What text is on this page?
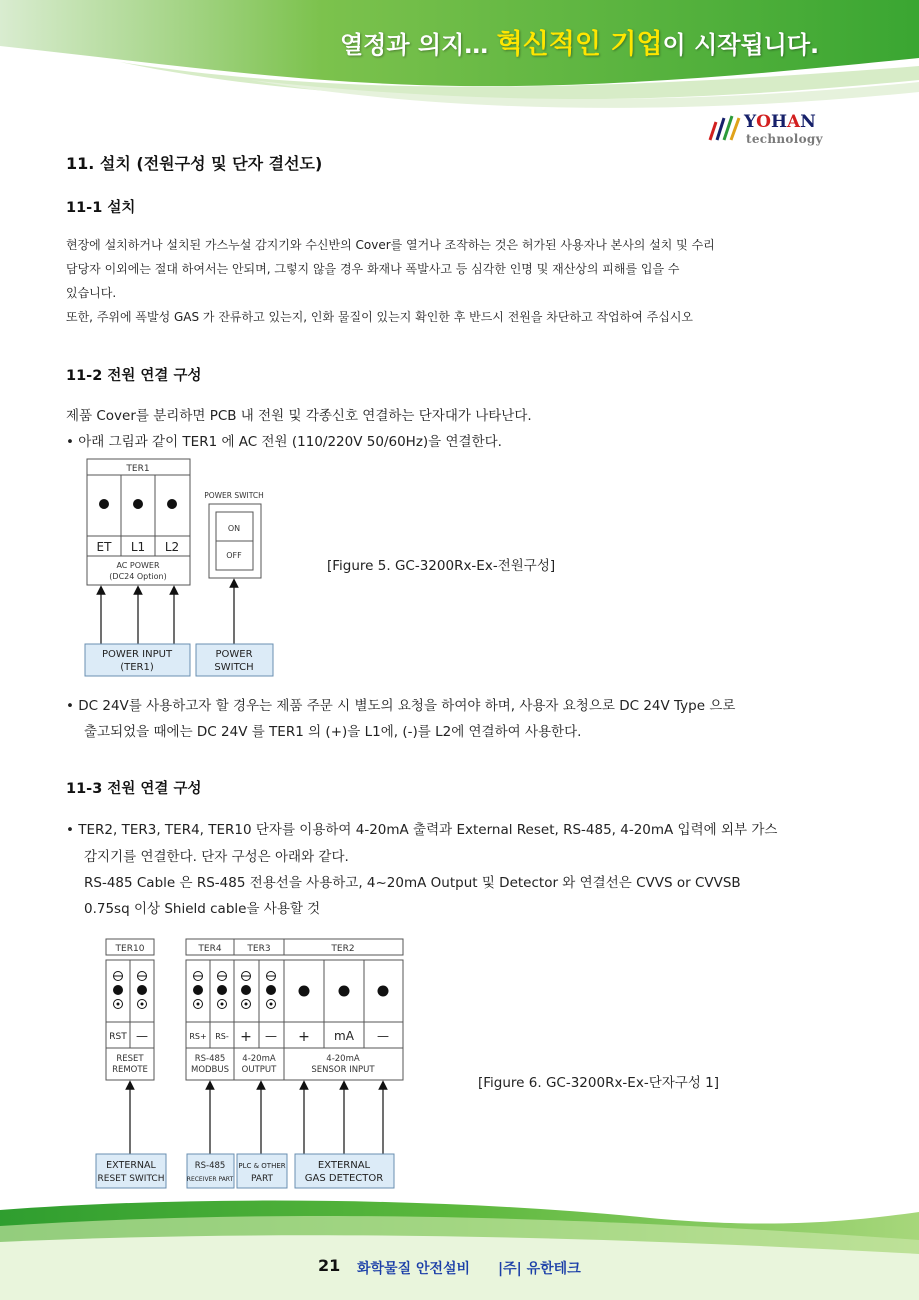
열정과 의지… 혁신적인 기업이 시작됩니다.
YOHAN
technology
11. 설치 (전원구성 및 단자 결선도)
11-1 설치
현장에 설치하거나 설치된 가스누설 감지기와 수신반의 Cover를 열거나 조작하는 것은 허가된 사용자나 본사의 설치 및 수리
담당자 이외에는 절대 하여서는 안되며, 그렇지 않을 경우 화재나 폭발사고 등 심각한 인명 및 재산상의 피해를 입을 수
있습니다.
또한, 주위에 폭발성 GAS 가 잔류하고 있는지, 인화 물질이 있는지 확인한 후 반드시 전원을 차단하고 작업하여 주십시오
11-2 전원 연결 구성
제품 Cover를 분리하면 PCB 내 전원 및 각종신호 연결하는 단자대가 나타난다.
• 아래 그림과 같이 TER1 에 AC 전원 (110/220V 50/60Hz)을 연결한다.
TER1
ET L1 L2
AC POWER
(DC24 Option)
POWER SWITCH
ON
OFF
POWER INPUT
(TER1)
POWER
SWITCH
[Figure 5. GC-3200Rx-Ex-전원구성]
• DC 24V를 사용하고자 할 경우는 제품 주문 시 별도의 요청을 하여야 하며, 사용자 요청으로 DC 24V Type 으로
출고되었을 때에는 DC 24V 를 TER1 의 (+)을 L1에, (-)를 L2에 연결하여 사용한다.
11-3 전원 연결 구성
• TER2, TER3, TER4, TER10 단자를 이용하여 4-20mA 출력과 External Reset, RS-485, 4-20mA 입력에 외부 가스
감지기를 연결한다. 단자 구성은 아래와 같다.
RS-485 Cable 은 RS-485 전용선을 사용하고, 4~20mA Output 및 Detector 와 연결선은 CVVS or CVVSB
0.75sq 이상 Shield cable을 사용할 것
TER10	TER4	TER3	TER2
RST —	RS+ RS- + — + mA —
RESET
REMOTE
RS-485
MODBUS
4-20mA
OUTPUT
4-20mA
SENSOR INPUT
EXTERNAL
RESET SWITCH
RS-485
RECEIVER PART
PLC & OTHER
PART
EXTERNAL
GAS DETECTOR
[Figure 6. GC-3200Rx-Ex-단자구성 1]
21 화학물질 안전설비 |주| 유한테크
